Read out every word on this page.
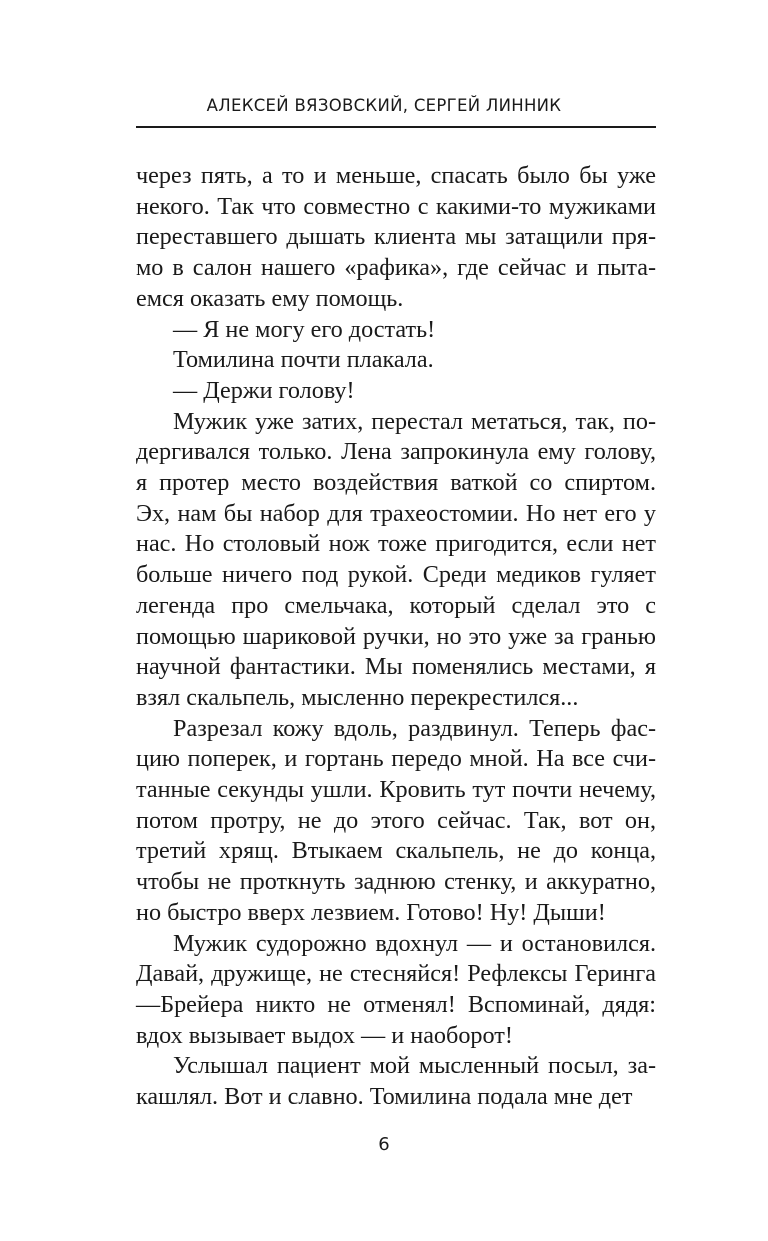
АЛЕКСЕЙ ВЯЗОВСКИЙ, СЕРГЕЙ ЛИННИК

через пять, а то и меньше, спасать было бы уже некого. Так что совместно с какими-то мужиками переставшего дышать клиента мы затащили прямо в салон нашего «рафика», где сейчас и пытаемся оказать ему помощь.

— Я не могу его достать!

Томилина почти плакала.

— Держи голову!

Мужик уже затих, перестал метаться, так, подергивался только. Лена запрокинула ему голову, я протер место воздействия ваткой со спиртом. Эх, нам бы набор для трахеостомии. Но нет его у нас. Но столовый нож тоже пригодится, если нет больше ничего под рукой. Среди медиков гуляет легенда про смельчака, который сделал это с помощью шариковой ручки, но это уже за гранью научной фантастики. Мы поменялись местами, я взял скальпель, мысленно перекрестился...

Разрезал кожу вдоль, раздвинул. Теперь фасцию поперек, и гортань передо мной. На все считанные секунды ушли. Кровить тут почти нечему, потом протру, не до этого сейчас. Так, вот он, третий хрящ. Втыкаем скальпель, не до конца, чтобы не проткнуть заднюю стенку, и аккуратно, но быстро вверх лезвием. Готово! Ну! Дыши!

Мужик судорожно вдохнул — и остановился. Давай, дружище, не стесняйся! Рефлексы Геринга—Брейера никто не отменял! Вспоминай, дядя: вдох вызывает выдох — и наоборот!

Услышал пациент мой мысленный посыл, закашлял. Вот и славно. Томилина подала мне дет

6
